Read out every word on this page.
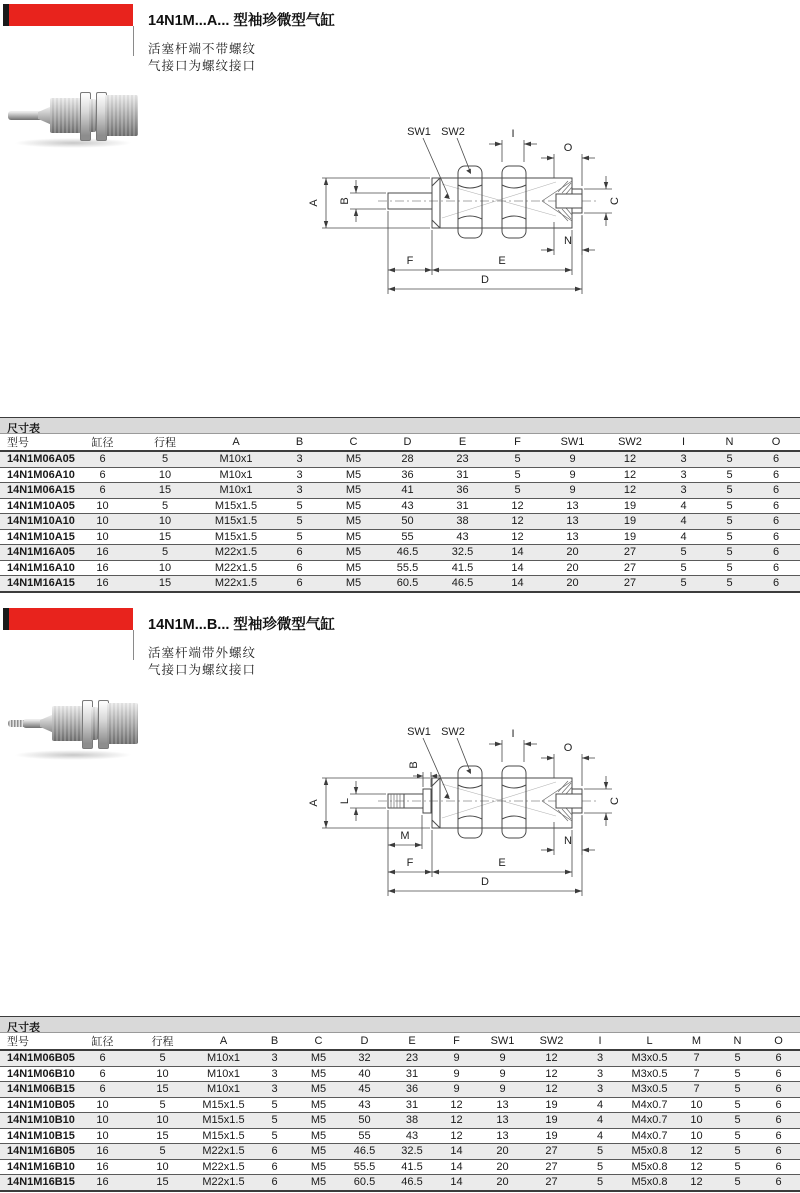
14N1M...A... 型袖珍微型气缸
活塞杆端不带螺纹
气接口为螺纹接口
A B
SW1 SW2	I
O
C
N
F	E
D
尺寸表
型号	缸径	行程	A	B	C	D	E	F	SW1	SW2	I	N	O
14N1M06A05	6	5	M10x1	3	M5	28	23	5	9	12	3	5	6
14N1M06A10	6	10	M10x1	3	M5	36	31	5	9	12	3	5	6
14N1M06A15	6	15	M10x1	3	M5	41	36	5	9	12	3	5	6
14N1M10A05	10	5	M15x1.5	5	M5	43	31	12	13	19	4	5	6
14N1M10A10	10	10	M15x1.5	5	M5	50	38	12	13	19	4	5	6
14N1M10A15	10	15	M15x1.5	5	M5	55	43	12	13	19	4	5	6
14N1M16A05	16	5	M22x1.5	6	M5	46.5	32.5	14	20	27	5	5	6
14N1M16A10	16	10	M22x1.5	6	M5	55.5	41.5	14	20	27	5	5	6
14N1M16A15	16	15	M22x1.5	6	M5	60.5	46.5	14	20	27	5	5	6
14N1M...B... 型袖珍微型气缸
活塞杆端带外螺纹
气接口为螺纹接口
A L
B
SW1 SW2	I
O
C
N
M
F	E
D
尺寸表
型号	缸径	行程	A	B	C	D	E	F	SW1	SW2	I	L	M	N	O
14N1M06B05	6	5	M10x1	3	M5	32	23	9	9	12	3	M3x0.5	7	5	6
14N1M06B10	6	10	M10x1	3	M5	40	31	9	9	12	3	M3x0.5	7	5	6
14N1M06B15	6	15	M10x1	3	M5	45	36	9	9	12	3	M3x0.5	7	5	6
14N1M10B05	10	5	M15x1.5	5	M5	43	31	12	13	19	4	M4x0.7	10	5	6
14N1M10B10	10	10	M15x1.5	5	M5	50	38	12	13	19	4	M4x0.7	10	5	6
14N1M10B15	10	15	M15x1.5	5	M5	55	43	12	13	19	4	M4x0.7	10	5	6
14N1M16B05	16	5	M22x1.5	6	M5	46.5	32.5	14	20	27	5	M5x0.8	12	5	6
14N1M16B10	16	10	M22x1.5	6	M5	55.5	41.5	14	20	27	5	M5x0.8	12	5	6
14N1M16B15	16	15	M22x1.5	6	M5	60.5	46.5	14	20	27	5	M5x0.8	12	5	6
